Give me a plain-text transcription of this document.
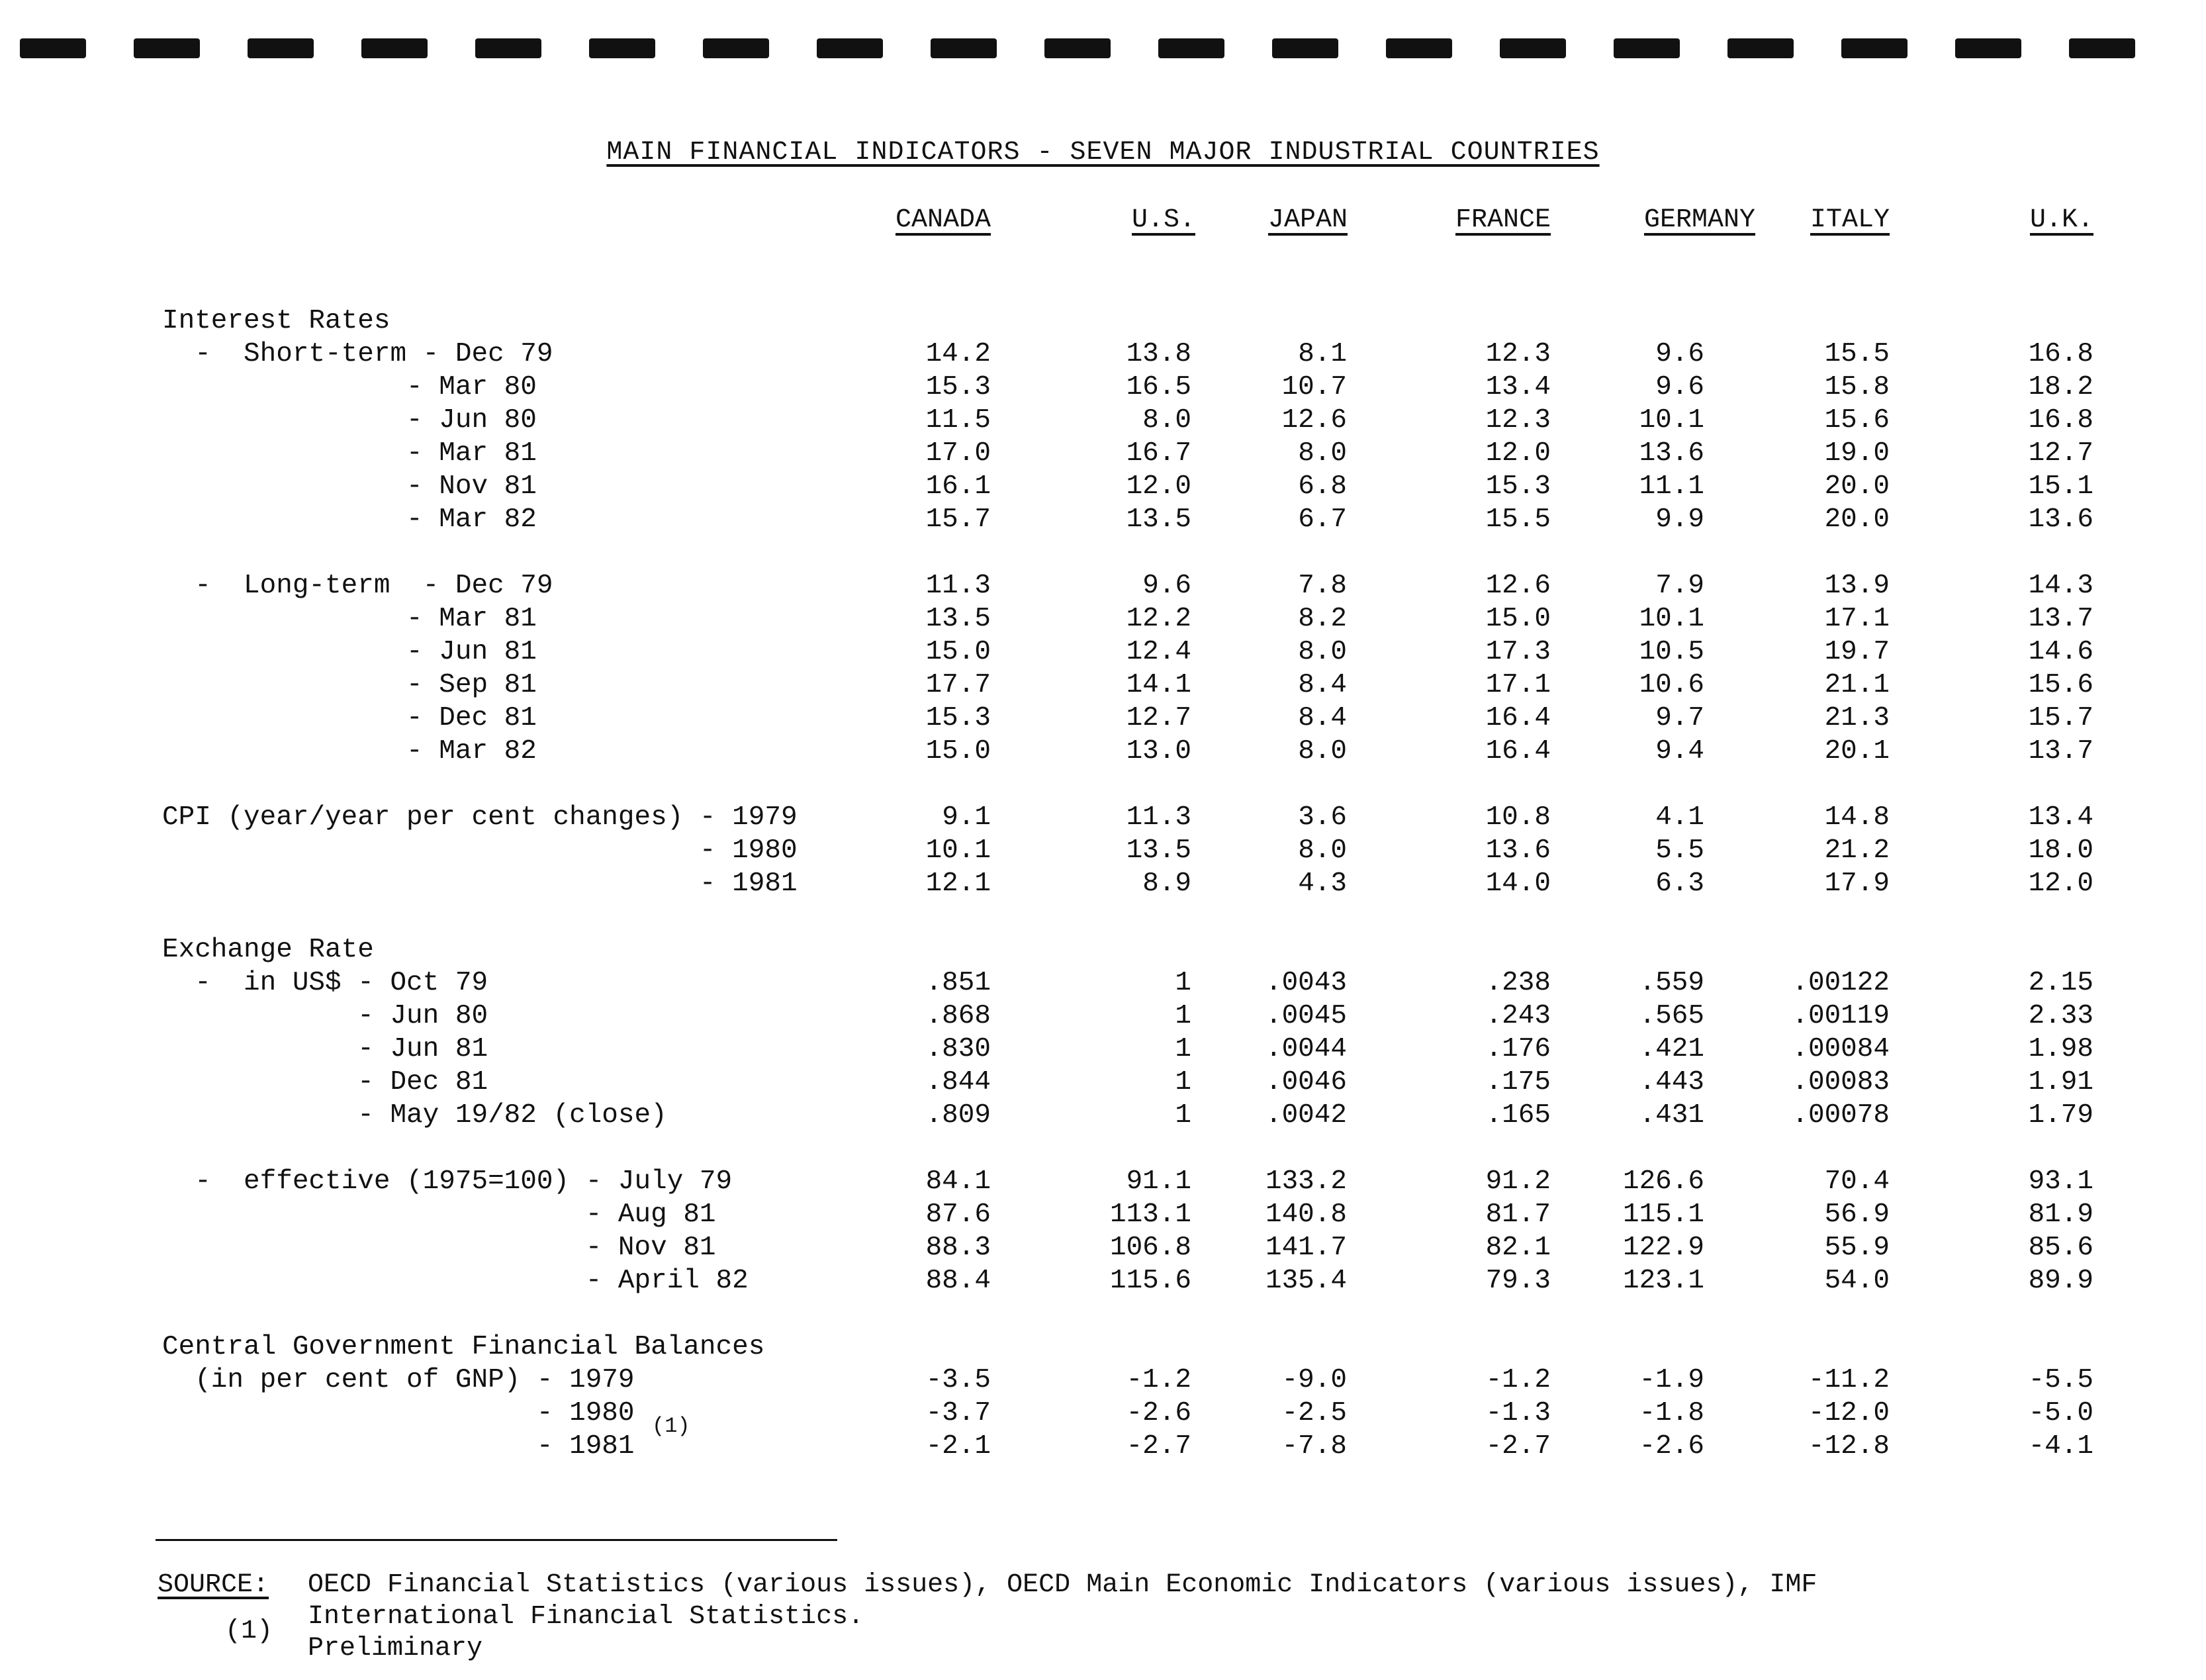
MAIN FINANCIAL INDICATORS - SEVEN MAJOR INDUSTRIAL COUNTRIES
CANADA	U.S.	JAPAN	FRANCE	GERMANY ITALY	U.K.
Interest Rates
-  Short-term - Dec 79	14.2	13.8	8.1	12.3	9.6	15.5	16.8
- Mar 80	15.3	16.5	10.7	13.4	9.6	15.8	18.2
- Jun 80	11.5	8.0	12.6	12.3	10.1	15.6	16.8
- Mar 81	17.0	16.7	8.0	12.0	13.6	19.0	12.7
- Nov 81	16.1	12.0	6.8	15.3	11.1	20.0	15.1
- Mar 82	15.7	13.5	6.7	15.5	9.9	20.0	13.6
-  Long-term  - Dec 79	11.3	9.6	7.8	12.6	7.9	13.9	14.3
- Mar 81	13.5	12.2	8.2	15.0	10.1	17.1	13.7
- Jun 81	15.0	12.4	8.0	17.3	10.5	19.7	14.6
- Sep 81	17.7	14.1	8.4	17.1	10.6	21.1	15.6
- Dec 81	15.3	12.7	8.4	16.4	9.7	21.3	15.7
- Mar 82	15.0	13.0	8.0	16.4	9.4	20.1	13.7
CPI (year/year per cent changes) - 1979	9.1	11.3	3.6	10.8	4.1	14.8	13.4
- 1980	10.1	13.5	8.0	13.6	5.5	21.2	18.0
- 1981	12.1	8.9	4.3	14.0	6.3	17.9	12.0
Exchange Rate
-  in US$ - Oct 79	.851	1	.0043	.238	.559	.00122	2.15
- Jun 80	.868	1	.0045	.243	.565	.00119	2.33
- Jun 81	.830	1	.0044	.176	.421	.00084	1.98
- Dec 81	.844	1	.0046	.175	.443	.00083	1.91
- May 19/82 (close)	.809	1	.0042	.165	.431	.00078	1.79
-  effective (1975=100) - July 79	84.1	91.1	133.2	91.2	126.6	70.4	93.1
- Aug 81	87.6	113.1	140.8	81.7	115.1	56.9	81.9
- Nov 81	88.3	106.8	141.7	82.1	122.9	55.9	85.6
- April 82	88.4	115.6	135.4	79.3	123.1	54.0	89.9
Central Government Financial Balances
(in per cent of GNP) - 1979	-3.5	-1.2	-9.0	-1.2	-1.9	-11.2	-5.5
- 1980	-3.7	-2.6	-2.5	-1.3	-1.8	-12.0	-5.0
- 1981	-2.1	-2.7	-7.8	-2.7	-2.6	-12.8	-4.1
(1)
SOURCE: OECD Financial Statistics (various issues), OECD Main Economic Indicators (various issues), IMF
International Financial Statistics.
(1)
Preliminary
